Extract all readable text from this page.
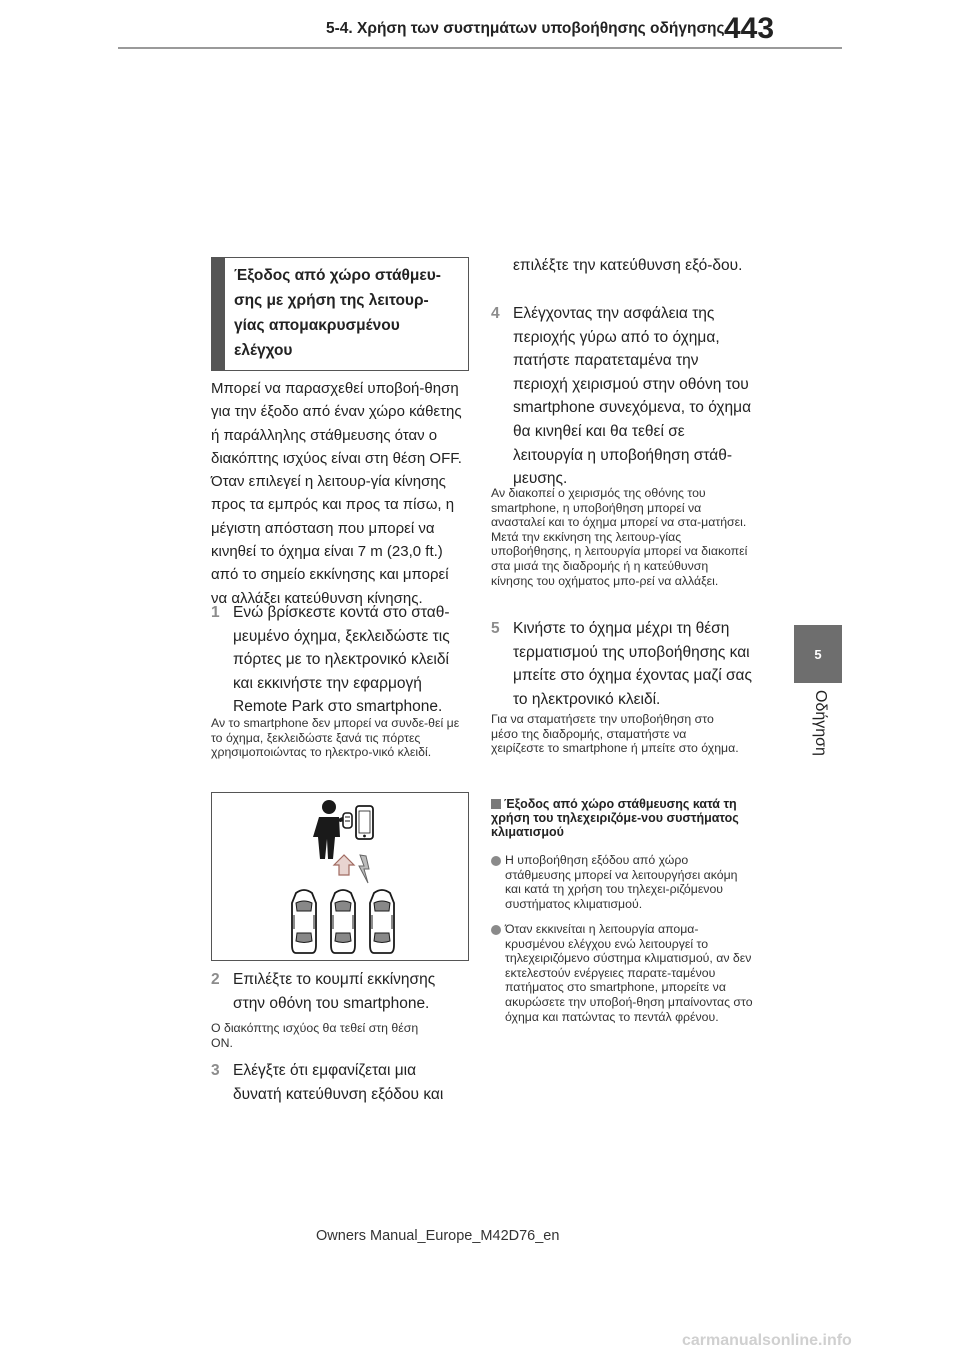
5-4. Χρήση των συστημάτων υποβοήθησης οδήγησης 443
5
Οδήγηση
Έξοδος από χώρο στάθμευ-σης με χρήση της λειτουρ-γίας απομακρυσμένου ελέγχου
Μπορεί να παρασχεθεί υποβοή-θηση για την έξοδο από έναν χώρο κάθετης ή παράλληλης στάθμευσης όταν ο διακόπτης ισχύος είναι στη θέση OFF. Όταν επιλεγεί η λειτουρ-γία κίνησης προς τα εμπρός και προς τα πίσω, η μέγιστη απόσταση που μπορεί να κινηθεί το όχημα είναι 7 m (23,0 ft.) από το σημείο εκκίνησης και μπορεί να αλλάξει κατεύθυνση κίνησης.
1 Ενώ βρίσκεστε κοντά στο σταθ-μευμένο όχημα, ξεκλειδώστε τις πόρτες με το ηλεκτρονικό κλειδί και εκκινήστε την εφαρμογή Remote Park στο smartphone.
Αν το smartphone δεν μπορεί να συνδε-θεί με το όχημα, ξεκλειδώστε ξανά τις πόρτες χρησιμοποιώντας το ηλεκτρο-νικό κλειδί.
2 Επιλέξτε το κουμπί εκκίνησης στην οθόνη του smartphone.
Ο διακόπτης ισχύος θα τεθεί στη θέση ON.
3 Ελέγξτε ότι εμφανίζεται μια δυνατή κατεύθυνση εξόδου και
επιλέξτε την κατεύθυνση εξό-δου.
4 Ελέγχοντας την ασφάλεια της περιοχής γύρω από το όχημα, πατήστε παρατεταμένα την περιοχή χειρισμού στην οθόνη του smartphone συνεχόμενα, το όχημα θα κινηθεί και θα τεθεί σε λειτουργία η υποβοήθηση στάθ-μευσης.
Αν διακοπεί ο χειρισμός της οθόνης του smartphone, η υποβοήθηση μπορεί να ανασταλεί και το όχημα μπορεί να στα-ματήσει. Μετά την εκκίνηση της λειτουρ-γίας υποβοήθησης, η λειτουργία μπορεί να διακοπεί στα μισά της διαδρομής ή η κατεύθυνση κίνησης του οχήματος μπο-ρεί να αλλάξει.
5 Κινήστε το όχημα μέχρι τη θέση τερματισμού της υποβοήθησης και μπείτε στο όχημα έχοντας μαζί σας το ηλεκτρονικό κλειδί.
Για να σταματήσετε την υποβοήθηση στο μέσο της διαδρομής, σταματήστε να χειρίζεστε το smartphone ή μπείτε στο όχημα.
Έξοδος από χώρο στάθμευσης κατά τη χρήση του τηλεχειριζόμε-νου συστήματος κλιματισμού
Η υποβοήθηση εξόδου από χώρο στάθμευσης μπορεί να λειτουργήσει ακόμη και κατά τη χρήση του τηλεχει-ριζόμενου συστήματος κλιματισμού.
Όταν εκκινείται η λειτουργία απομα-κρυσμένου ελέγχου ενώ λειτουργεί το τηλεχειριζόμενο σύστημα κλιματισμού, αν δεν εκτελεστούν ενέργειες παρατε-ταμένου πατήματος στο smartphone, μπορείτε να ακυρώσετε την υποβοή-θηση μπαίνοντας στο όχημα και πατώντας το πεντάλ φρένου.
Owners Manual_Europe_M42D76_en
carmanualsonline.info
